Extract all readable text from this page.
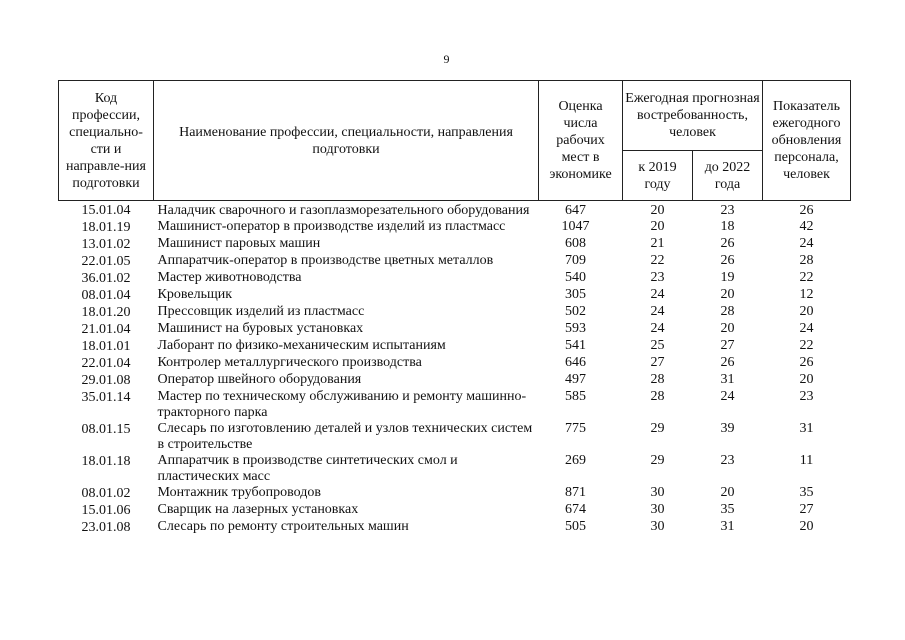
9
Код профессии, специально-сти и направле-ния подготовки	Наименование профессии, специальности, направления подготовки	Оценка числа рабочих мест в экономике	Ежегодная прогнозная востребованность, человек		Показатель ежегодного обновления персонала, человек
			к 2019 году	до 2022 года	
15.01.04	Наладчик сварочного и газоплазморезательного оборудования	647	20	23	26
18.01.19	Машинист-оператор в производстве изделий из пластмасс	1047	20	18	42
13.01.02	Машинист паровых машин	608	21	26	24
22.01.05	Аппаратчик-оператор в производстве цветных металлов	709	22	26	28
36.01.02	Мастер животноводства	540	23	19	22
08.01.04	Кровельщик	305	24	20	12
18.01.20	Прессовщик изделий из пластмасс	502	24	28	20
21.01.04	Машинист на буровых установках	593	24	20	24
18.01.01	Лаборант по физико-механическим испытаниям	541	25	27	22
22.01.04	Контролер металлургического производства	646	27	26	26
29.01.08	Оператор швейного оборудования	497	28	31	20
35.01.14	Мастер по техническому обслуживанию и ремонту машинно-тракторного парка	585	28	24	23
08.01.15	Слесарь по изготовлению деталей и узлов технических систем в строительстве	775	29	39	31
18.01.18	Аппаратчик в производстве синтетических смол и пластических масс	269	29	23	11
08.01.02	Монтажник трубопроводов	871	30	20	35
15.01.06	Сварщик на лазерных установках	674	30	35	27
23.01.08	Слесарь по ремонту строительных машин	505	30	31	20
